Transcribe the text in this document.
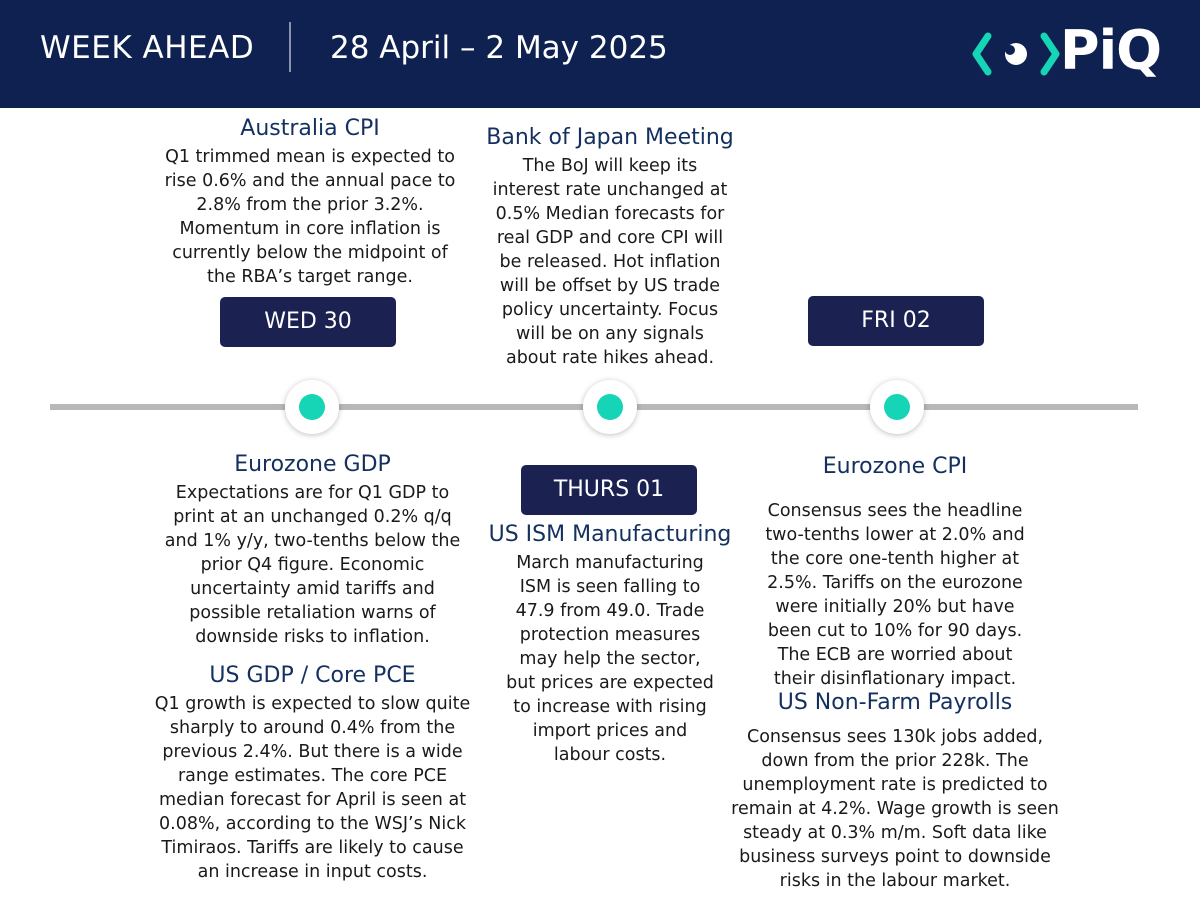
WEEK AHEAD 28 April – 2 May 2025	PiQ
Australia CPI
Q1 trimmed mean is expected to
rise 0.6% and the annual pace to
2.8% from the prior 3.2%.
Momentum in core inflation is
currently below the midpoint of
the RBA’s target range.
WED 30
Bank of Japan Meeting
The BoJ will keep its
interest rate unchanged at
0.5% Median forecasts for
real GDP and core CPI will
be released. Hot inflation
will be offset by US trade
policy uncertainty. Focus
will be on any signals
about rate hikes ahead.
FRI 02
Eurozone GDP
Expectations are for Q1 GDP to
print at an unchanged 0.2% q/q
and 1% y/y, two-tenths below the
prior Q4 figure. Economic
uncertainty amid tariffs and
possible retaliation warns of
downside risks to inflation.
US GDP / Core PCE
Q1 growth is expected to slow quite
sharply to around 0.4% from the
previous 2.4%. But there is a wide
range estimates. The core PCE
median forecast for April is seen at
0.08%, according to the WSJ’s Nick
Timiraos. Tariffs are likely to cause
an increase in input costs.
THURS 01
US ISM Manufacturing
March manufacturing
ISM is seen falling to
47.9 from 49.0. Trade
protection measures
may help the sector,
but prices are expected
to increase with rising
import prices and
labour costs.
Eurozone CPI
Consensus sees the headline
two-tenths lower at 2.0% and
the core one-tenth higher at
2.5%. Tariffs on the eurozone
were initially 20% but have
been cut to 10% for 90 days.
The ECB are worried about
their disinflationary impact.
US Non-Farm Payrolls
Consensus sees 130k jobs added,
down from the prior 228k. The
unemployment rate is predicted to
remain at 4.2%. Wage growth is seen
steady at 0.3% m/m. Soft data like
business surveys point to downside
risks in the labour market.
